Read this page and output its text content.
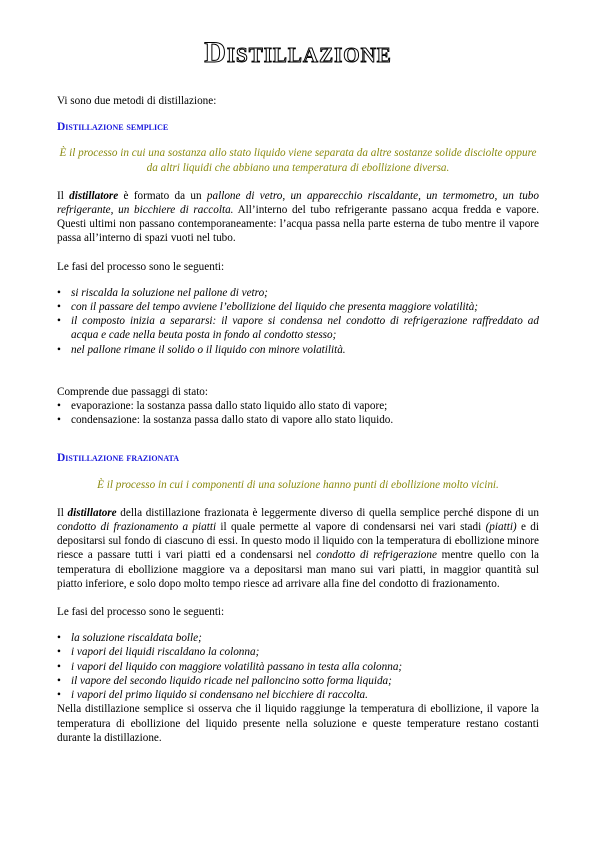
Distillazione

Vi sono due metodi di distillazione:

Distillazione semplice

È il processo in cui una sostanza allo stato liquido viene separata da altre sostanze solide disciolte oppure da altri liquidi che abbiano una temperatura di ebollizione diversa.

Il distillatore è formato da un pallone di vetro, un apparecchio riscaldante, un termometro, un tubo refrigerante, un bicchiere di raccolta. All’interno del tubo refrigerante passano acqua fredda e vapore. Questi ultimi non passano contemporaneamente: l’acqua passa nella parte esterna de tubo mentre il vapore passa all’interno di spazi vuoti nel tubo.

Le fasi del processo sono le seguenti:

• si riscalda la soluzione nel pallone di vetro;
• con il passare del tempo avviene l’ebollizione del liquido che presenta maggiore volatilità;
• il composto inizia a separarsi: il vapore si condensa nel condotto di refrigerazione raffreddato ad acqua e cade nella beuta posta in fondo al condotto stesso;
• nel pallone rimane il solido o il liquido con minore volatilità.

Comprende due passaggi di stato:

• evaporazione: la sostanza passa dallo stato liquido allo stato di vapore;
• condensazione: la sostanza passa dallo stato di vapore allo stato liquido.
Distillazione frazionata

È il processo in cui i componenti di una soluzione hanno punti di ebollizione molto vicini.

Il distillatore della distillazione frazionata è leggermente diverso di quella semplice perché dispone di un condotto di frazionamento a piatti il quale permette al vapore di condensarsi nei vari stadi (piatti) e di depositarsi sul fondo di ciascuno di essi. In questo modo il liquido con la temperatura di ebollizione minore riesce a passare tutti i vari piatti ed a condensarsi nel condotto di refrigerazione mentre quello con la temperatura di ebollizione maggiore va a depositarsi man mano sui vari piatti, in maggior quantità sul piatto inferiore, e solo dopo molto tempo riesce ad arrivare alla fine del condotto di frazionamento.

Le fasi del processo sono le seguenti:

• la soluzione riscaldata bolle;
• i vapori dei liquidi riscaldano la colonna;
• i vapori del liquido con maggiore volatilità passano in testa alla colonna;
• il vapore del secondo liquido ricade nel palloncino sotto forma liquida;
• i vapori del primo liquido si condensano nel bicchiere di raccolta.

Nella distillazione semplice si osserva che il liquido raggiunge la temperatura di ebollizione, il vapore la temperatura di ebollizione del liquido presente nella soluzione e queste temperature restano costanti durante la distillazione.
